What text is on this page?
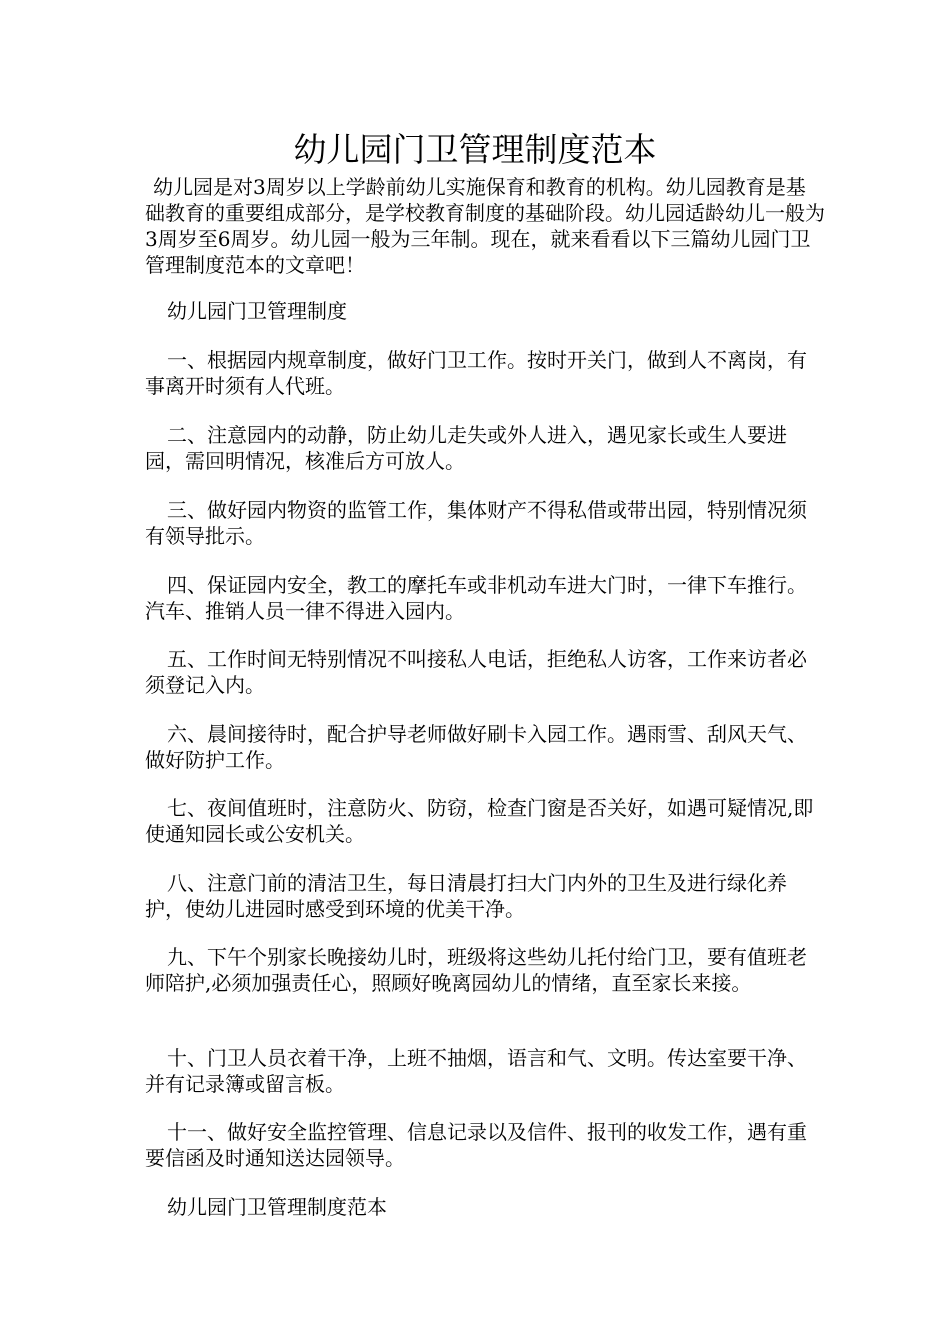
幼儿园门卫管理制度范本

幼儿园是对3周岁以上学龄前幼儿实施保育和教育的机构。幼儿园教育是基础教育的重要组成部分，是学校教育制度的基础阶段。幼儿园适龄幼儿一般为3周岁至6周岁。幼儿园一般为三年制。现在，就来看看以下三篇幼儿园门卫管理制度范本的文章吧！

幼儿园门卫管理制度

一、根据园内规章制度，做好门卫工作。按时开关门，做到人不离岗，有事离开时须有人代班。

二、注意园内的动静，防止幼儿走失或外人进入，遇见家长或生人要进园，需回明情况，核准后方可放人。

三、做好园内物资的监管工作，集体财产不得私借或带出园，特别情况须有领导批示。

四、保证园内安全，教工的摩托车或非机动车进大门时，一律下车推行。汽车、推销人员一律不得进入园内。

五、工作时间无特别情况不叫接私人电话，拒绝私人访客，工作来访者必须登记入内。

六、晨间接待时，配合护导老师做好刷卡入园工作。遇雨雪、刮风天气、做好防护工作。

七、夜间值班时，注意防火、防窃，检查门窗是否关好，如遇可疑情况,即使通知园长或公安机关。

八、注意门前的清洁卫生，每日清晨打扫大门内外的卫生及进行绿化养护，使幼儿进园时感受到环境的优美干净。

九、下午个别家长晚接幼儿时，班级将这些幼儿托付给门卫，要有值班老师陪护,必须加强责任心，照顾好晚离园幼儿的情绪，直至家长来接。

十、门卫人员衣着干净，上班不抽烟，语言和气、文明。传达室要干净、并有记录簿或留言板。

十一、做好安全监控管理、信息记录以及信件、报刊的收发工作，遇有重要信函及时通知送达园领导。

幼儿园门卫管理制度范本
